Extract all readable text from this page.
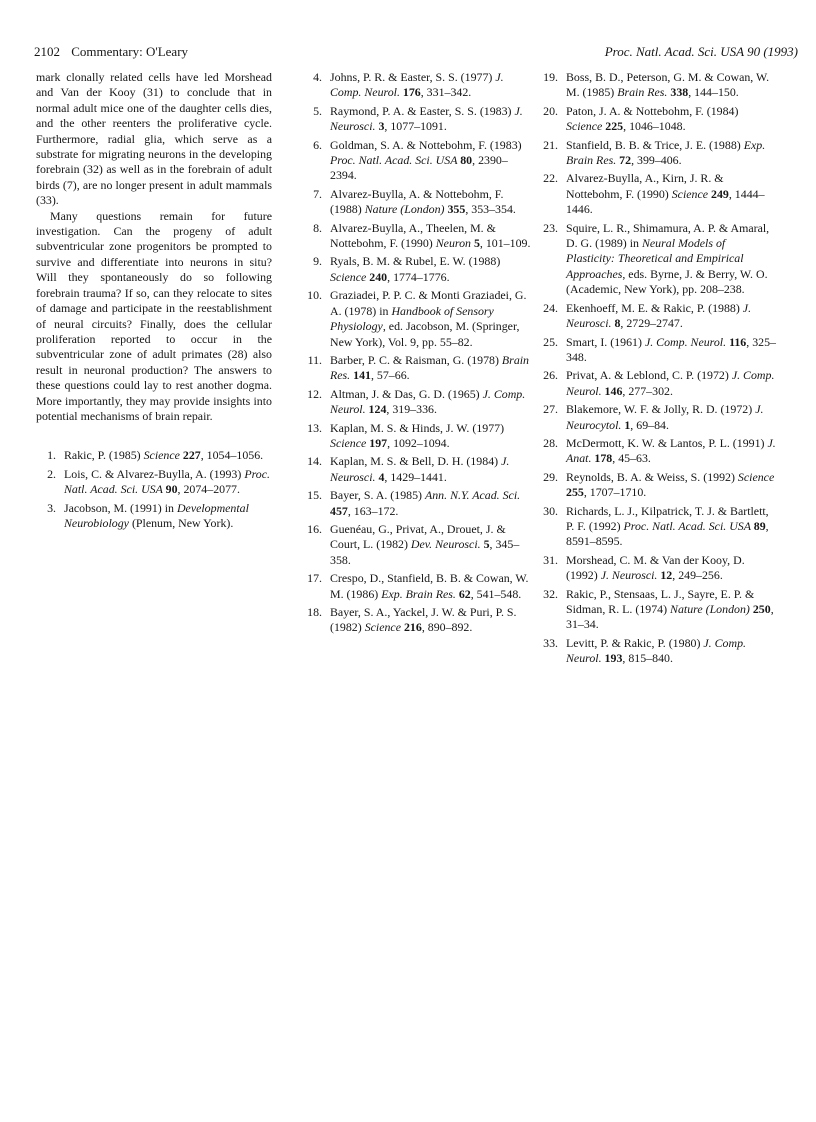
2102 Commentary: O'Leary	Proc. Natl. Acad. Sci. USA 90 (1993)

mark clonally related cells have led Morshead and Van der Kooy (31) to conclude that in normal adult mice one of the daughter cells dies, and the other reenters the proliferative cycle. Furthermore, radial glia, which serve as a substrate for migrating neurons in the developing forebrain (32) as well as in the forebrain of adult birds (7), are no longer present in adult mammals (33).

Many questions remain for future investigation. Can the progeny of adult subventricular zone progenitors be prompted to survive and differentiate into neurons in situ? Will they spontaneously do so following forebrain trauma? If so, can they relocate to sites of damage and participate in the reestablishment of neural circuits? Finally, does the cellular proliferation reported to occur in the subventricular zone of adult primates (28) also result in neuronal production? The answers to these questions could lay to rest another dogma. More importantly, they may provide insights into potential mechanisms of brain repair.

1. Rakic, P. (1985) Science 227, 1054–1056.
2. Lois, C. & Alvarez-Buylla, A. (1993) Proc. Natl. Acad. Sci. USA 90, 2074–2077.
3. Jacobson, M. (1991) in Developmental Neurobiology (Plenum, New York).
4. Johns, P. R. & Easter, S. S. (1977) J. Comp. Neurol. 176, 331–342.
5. Raymond, P. A. & Easter, S. S. (1983) J. Neurosci. 3, 1077–1091.
6. Goldman, S. A. & Nottebohm, F. (1983) Proc. Natl. Acad. Sci. USA 80, 2390–2394.
7. Alvarez-Buylla, A. & Nottebohm, F. (1988) Nature (London) 355, 353–354.
8. Alvarez-Buylla, A., Theelen, M. & Nottebohm, F. (1990) Neuron 5, 101–109.
9. Ryals, B. M. & Rubel, E. W. (1988) Science 240, 1774–1776.
10. Graziadei, P. P. C. & Monti Graziadei, G. A. (1978) in Handbook of Sensory Physiology, ed. Jacobson, M. (Springer, New York), Vol. 9, pp. 55–82.
11. Barber, P. C. & Raisman, G. (1978) Brain Res. 141, 57–66.
12. Altman, J. & Das, G. D. (1965) J. Comp. Neurol. 124, 319–336.
13. Kaplan, M. S. & Hinds, J. W. (1977) Science 197, 1092–1094.
14. Kaplan, M. S. & Bell, D. H. (1984) J. Neurosci. 4, 1429–1441.
15. Bayer, S. A. (1985) Ann. N.Y. Acad. Sci. 457, 163–172.
16. Guenéau, G., Privat, A., Drouet, J. & Court, L. (1982) Dev. Neurosci. 5, 345–358.
17. Crespo, D., Stanfield, B. B. & Cowan, W. M. (1986) Exp. Brain Res. 62, 541–548.
18. Bayer, S. A., Yackel, J. W. & Puri, P. S. (1982) Science 216, 890–892.
19. Boss, B. D., Peterson, G. M. & Cowan, W. M. (1985) Brain Res. 338, 144–150.
20. Paton, J. A. & Nottebohm, F. (1984) Science 225, 1046–1048.
21. Stanfield, B. B. & Trice, J. E. (1988) Exp. Brain Res. 72, 399–406.
22. Alvarez-Buylla, A., Kirn, J. R. & Nottebohm, F. (1990) Science 249, 1444–1446.
23. Squire, L. R., Shimamura, A. P. & Amaral, D. G. (1989) in Neural Models of Plasticity: Theoretical and Empirical Approaches, eds. Byrne, J. & Berry, W. O. (Academic, New York), pp. 208–238.
24. Ekenhoeff, M. E. & Rakic, P. (1988) J. Neurosci. 8, 2729–2747.
25. Smart, I. (1961) J. Comp. Neurol. 116, 325–348.
26. Privat, A. & Leblond, C. P. (1972) J. Comp. Neurol. 146, 277–302.
27. Blakemore, W. F. & Jolly, R. D. (1972) J. Neurocytol. 1, 69–84.
28. McDermott, K. W. & Lantos, P. L. (1991) J. Anat. 178, 45–63.
29. Reynolds, B. A. & Weiss, S. (1992) Science 255, 1707–1710.
30. Richards, L. J., Kilpatrick, T. J. & Bartlett, P. F. (1992) Proc. Natl. Acad. Sci. USA 89, 8591–8595.
31. Morshead, C. M. & Van der Kooy, D. (1992) J. Neurosci. 12, 249–256.
32. Rakic, P., Stensaas, L. J., Sayre, E. P. & Sidman, R. L. (1974) Nature (London) 250, 31–34.
33. Levitt, P. & Rakic, P. (1980) J. Comp. Neurol. 193, 815–840.
